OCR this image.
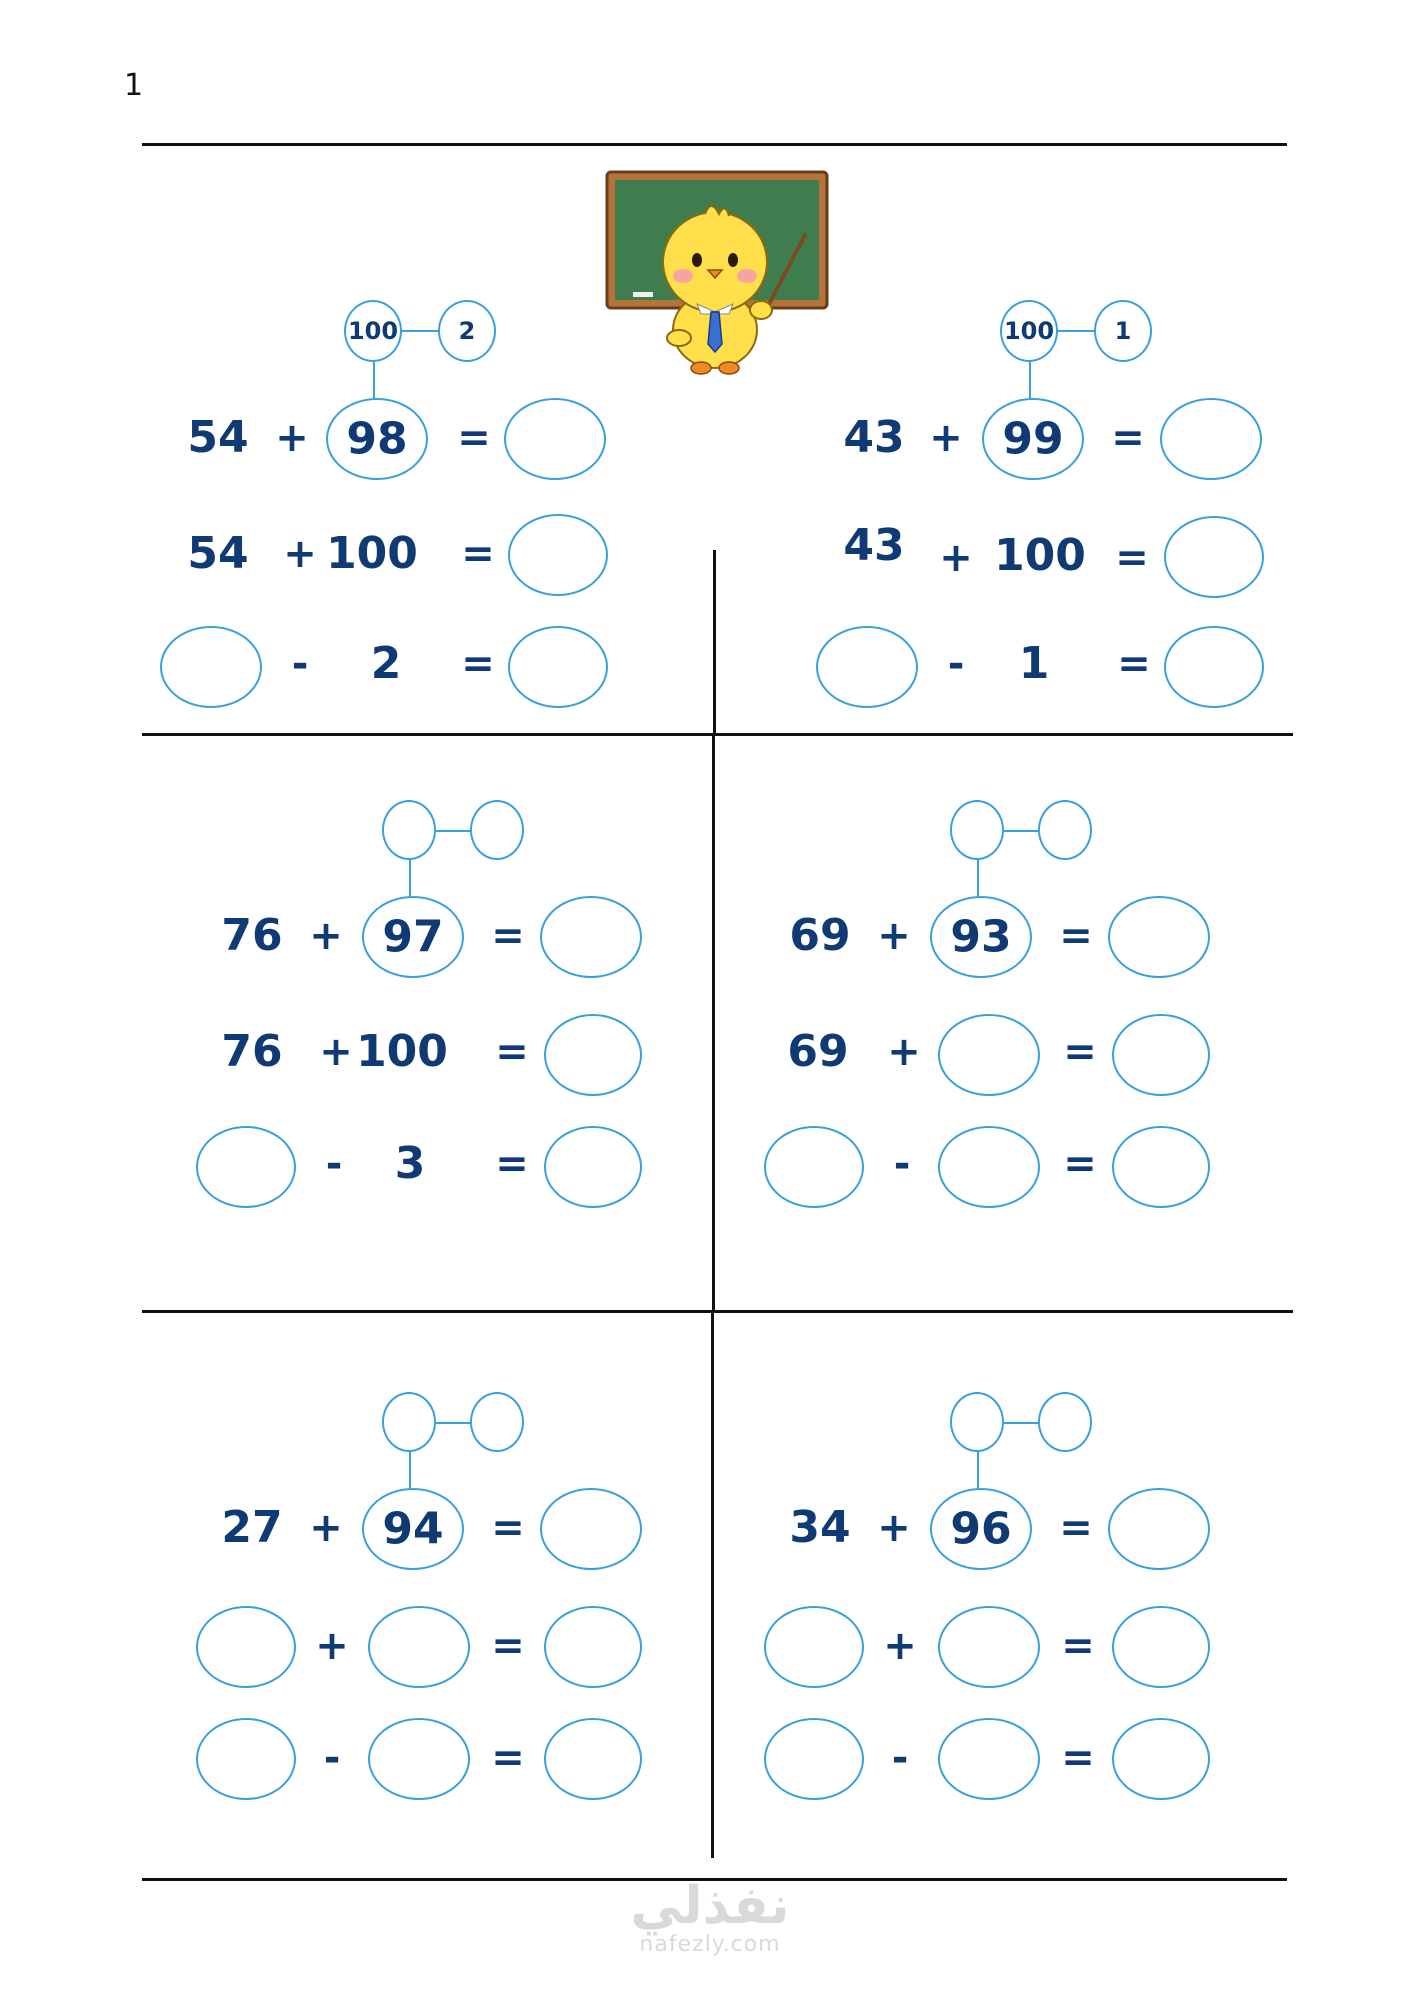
1
100	2
54 + 98	=
54 + 100 =
- 2 =
100	1
43 + 99	=
43 + 100 =
- 1 =
76 + 97	=
76 + 100 =
- 3 =
69 + 93	=
69 +	=
-	=
27 + 94	=
+	=
-	=
34 + 96	=
+	=
-	=
نفذلي
nafezly.com
